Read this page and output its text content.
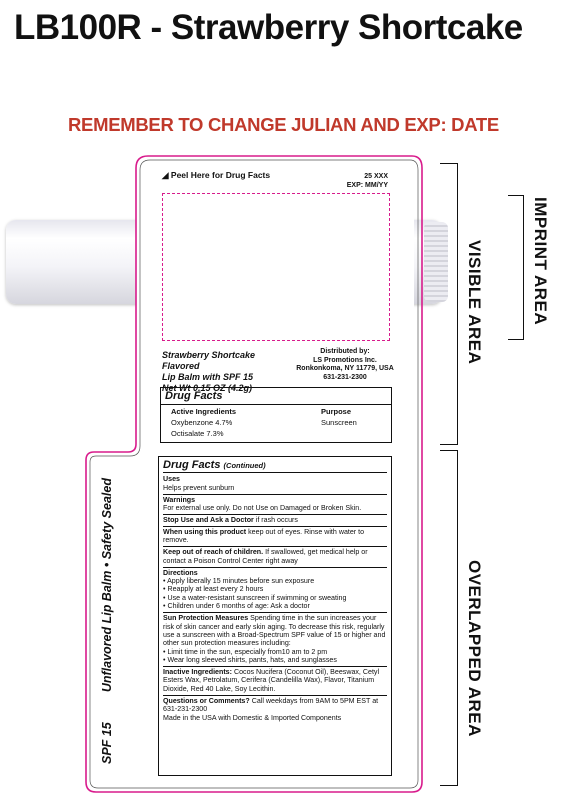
LB100R - Strawberry Shortcake
REMEMBER TO CHANGE JULIAN AND EXP: DATE
◢ Peel Here for Drug Facts	25 XXX
EXP: MM/YY
Strawberry Shortcake Flavored
Lip Balm with SPF 15
Net Wt 0.15 OZ (4.2g)
Distributed by:
LS Promotions Inc.
Ronkonkoma, NY 11779, USA
631-231-2300
Drug Facts
Active Ingredients	Purpose
Oxybenzone 4.7%	Sunscreen
Octisalate 7.3%
Drug Facts (Continued)
Uses
Helps prevent sunburn
Warnings
For external use only. Do not Use on Damaged or Broken Skin.
Stop Use and Ask a Doctor if rash occurs
When using this product keep out of eyes. Rinse with water to remove.
Keep out of reach of children. If swallowed, get medical help or contact a Poison Control Center right away
Directions
• Apply liberally 15 minutes before sun exposure
• Reapply at least every 2 hours
• Use a water-resistant sunscreen if swimming or sweating
• Children under 6 months of age: Ask a doctor
Sun Protection Measures Spending time in the sun increases your risk of skin cancer and early skin aging. To decrease this risk, regularly use a sunscreen with a Broad-Spectrum SPF value of 15 or higher and other sun protection measures including:
• Limit time in the sun, especially from10 am to 2 pm
• Wear long sleeved shirts, pants, hats, and sunglasses
Inactive Ingredients: Cocos Nucifera (Coconut Oil), Beeswax, Cetyl Esters Wax, Petrolatum, Cerifera (Candelilla Wax), Flavor, Titanium Dioxide, Red 40 Lake, Soy Lecithin.
Questions or Comments? Call weekdays from 9AM to 5PM EST at 631-231-2300
Made in the USA with Domestic & Imported Components
SPF 15
Unflavored Lip Balm • Safety Sealed
IMPRINT AREA
VISIBLE AREA
OVERLAPPED AREA
